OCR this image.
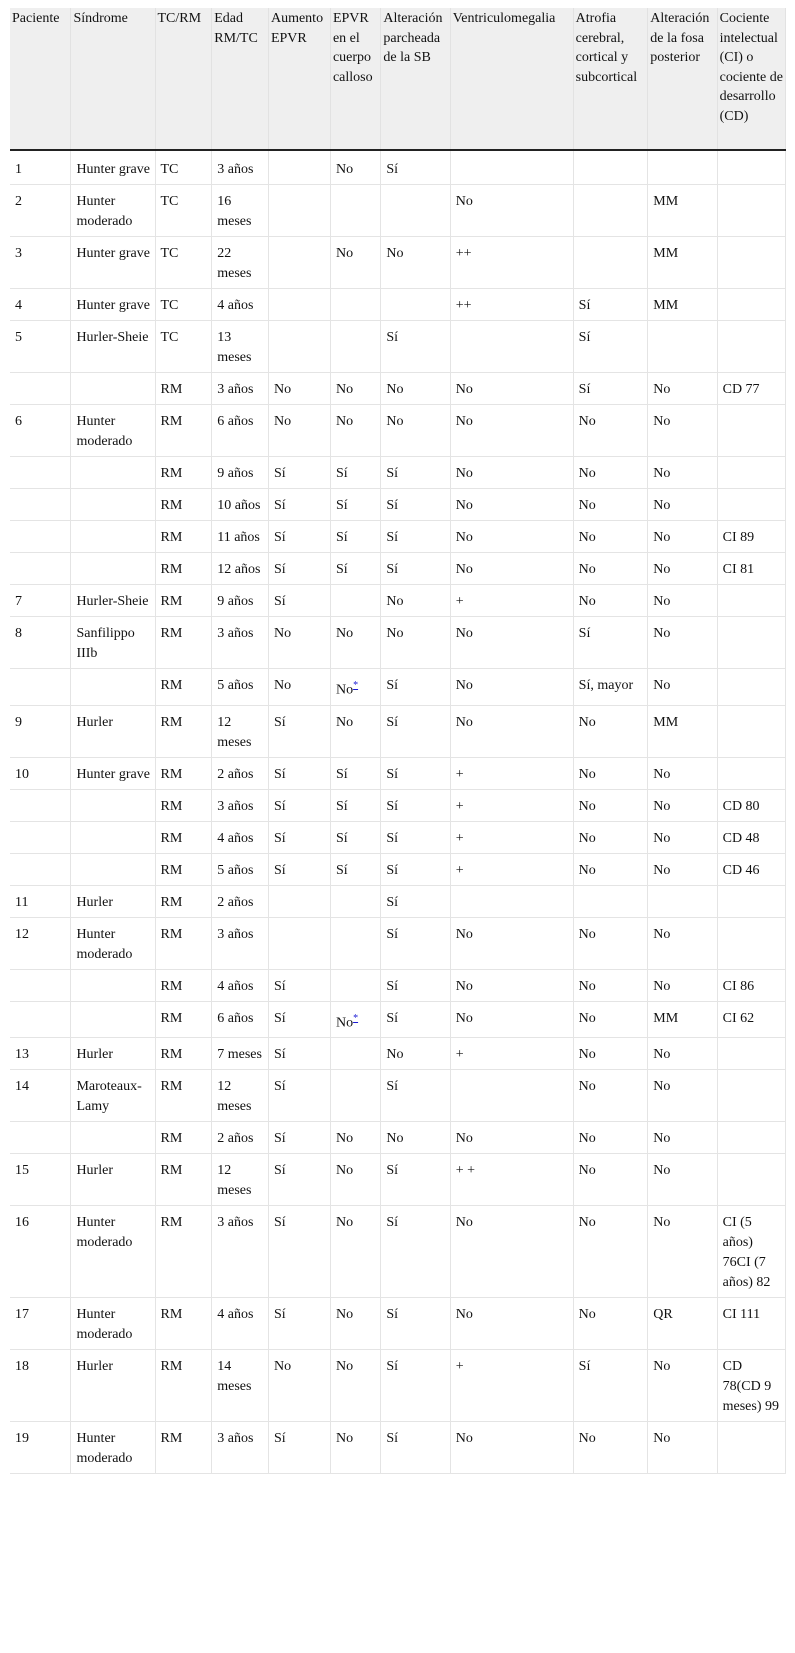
Paciente	Síndrome	TC/RM	Edad RM/TC	Aumento EPVR	EPVR en el cuerpo calloso	Alteración parcheada de la SB	Ventriculomegalia	Atrofia cerebral, cortical y subcortical	Alteración de la fosa posterior	Cociente intelectual (CI) o cociente de desarrollo (CD)
1	Hunter grave	TC	3 años		No	Sí				
2	Hunter moderado	TC	16 meses				No		MM	
3	Hunter grave	TC	22 meses		No	No	++		MM	
4	Hunter grave	TC	4 años				++	Sí	MM	
5	Hurler-Sheie	TC	13 meses			Sí		Sí		
		RM	3 años	No	No	No	No	Sí	No	CD 77
6	Hunter moderado	RM	6 años	No	No	No	No	No	No	
		RM	9 años	Sí	Sí	Sí	No	No	No	
		RM	10 años	Sí	Sí	Sí	No	No	No	
		RM	11 años	Sí	Sí	Sí	No	No	No	CI 89
		RM	12 años	Sí	Sí	Sí	No	No	No	CI 81
7	Hurler-Sheie	RM	9 años	Sí		No	+	No	No	
8	Sanfilippo IIIb	RM	3 años	No	No	No	No	Sí	No	
		RM	5 años	No	No*	Sí	No	Sí, mayor	No	
9	Hurler	RM	12 meses	Sí	No	Sí	No	No	MM	
10	Hunter grave	RM	2 años	Sí	Sí	Sí	+	No	No	
		RM	3 años	Sí	Sí	Sí	+	No	No	CD 80
		RM	4 años	Sí	Sí	Sí	+	No	No	CD 48
		RM	5 años	Sí	Sí	Sí	+	No	No	CD 46
11	Hurler	RM	2 años			Sí				
12	Hunter moderado	RM	3 años			Sí	No	No	No	
		RM	4 años	Sí		Sí	No	No	No	CI 86
		RM	6 años	Sí	No*	Sí	No	No	MM	CI 62
13	Hurler	RM	7 meses	Sí		No	+	No	No	
14	Maroteaux-Lamy	RM	12 meses	Sí		Sí		No	No	
		RM	2 años	Sí	No	No	No	No	No	
15	Hurler	RM	12 meses	Sí	No	Sí	+ +	No	No	
16	Hunter moderado	RM	3 años	Sí	No	Sí	No	No	No	CI (5 años) 76CI (7 años) 82
17	Hunter moderado	RM	4 años	Sí	No	Sí	No	No	QR	CI 111
18	Hurler	RM	14 meses	No	No	Sí	+	Sí	No	CD 78(CD 9 meses) 99
19	Hunter moderado	RM	3 años	Sí	No	Sí	No	No	No	
